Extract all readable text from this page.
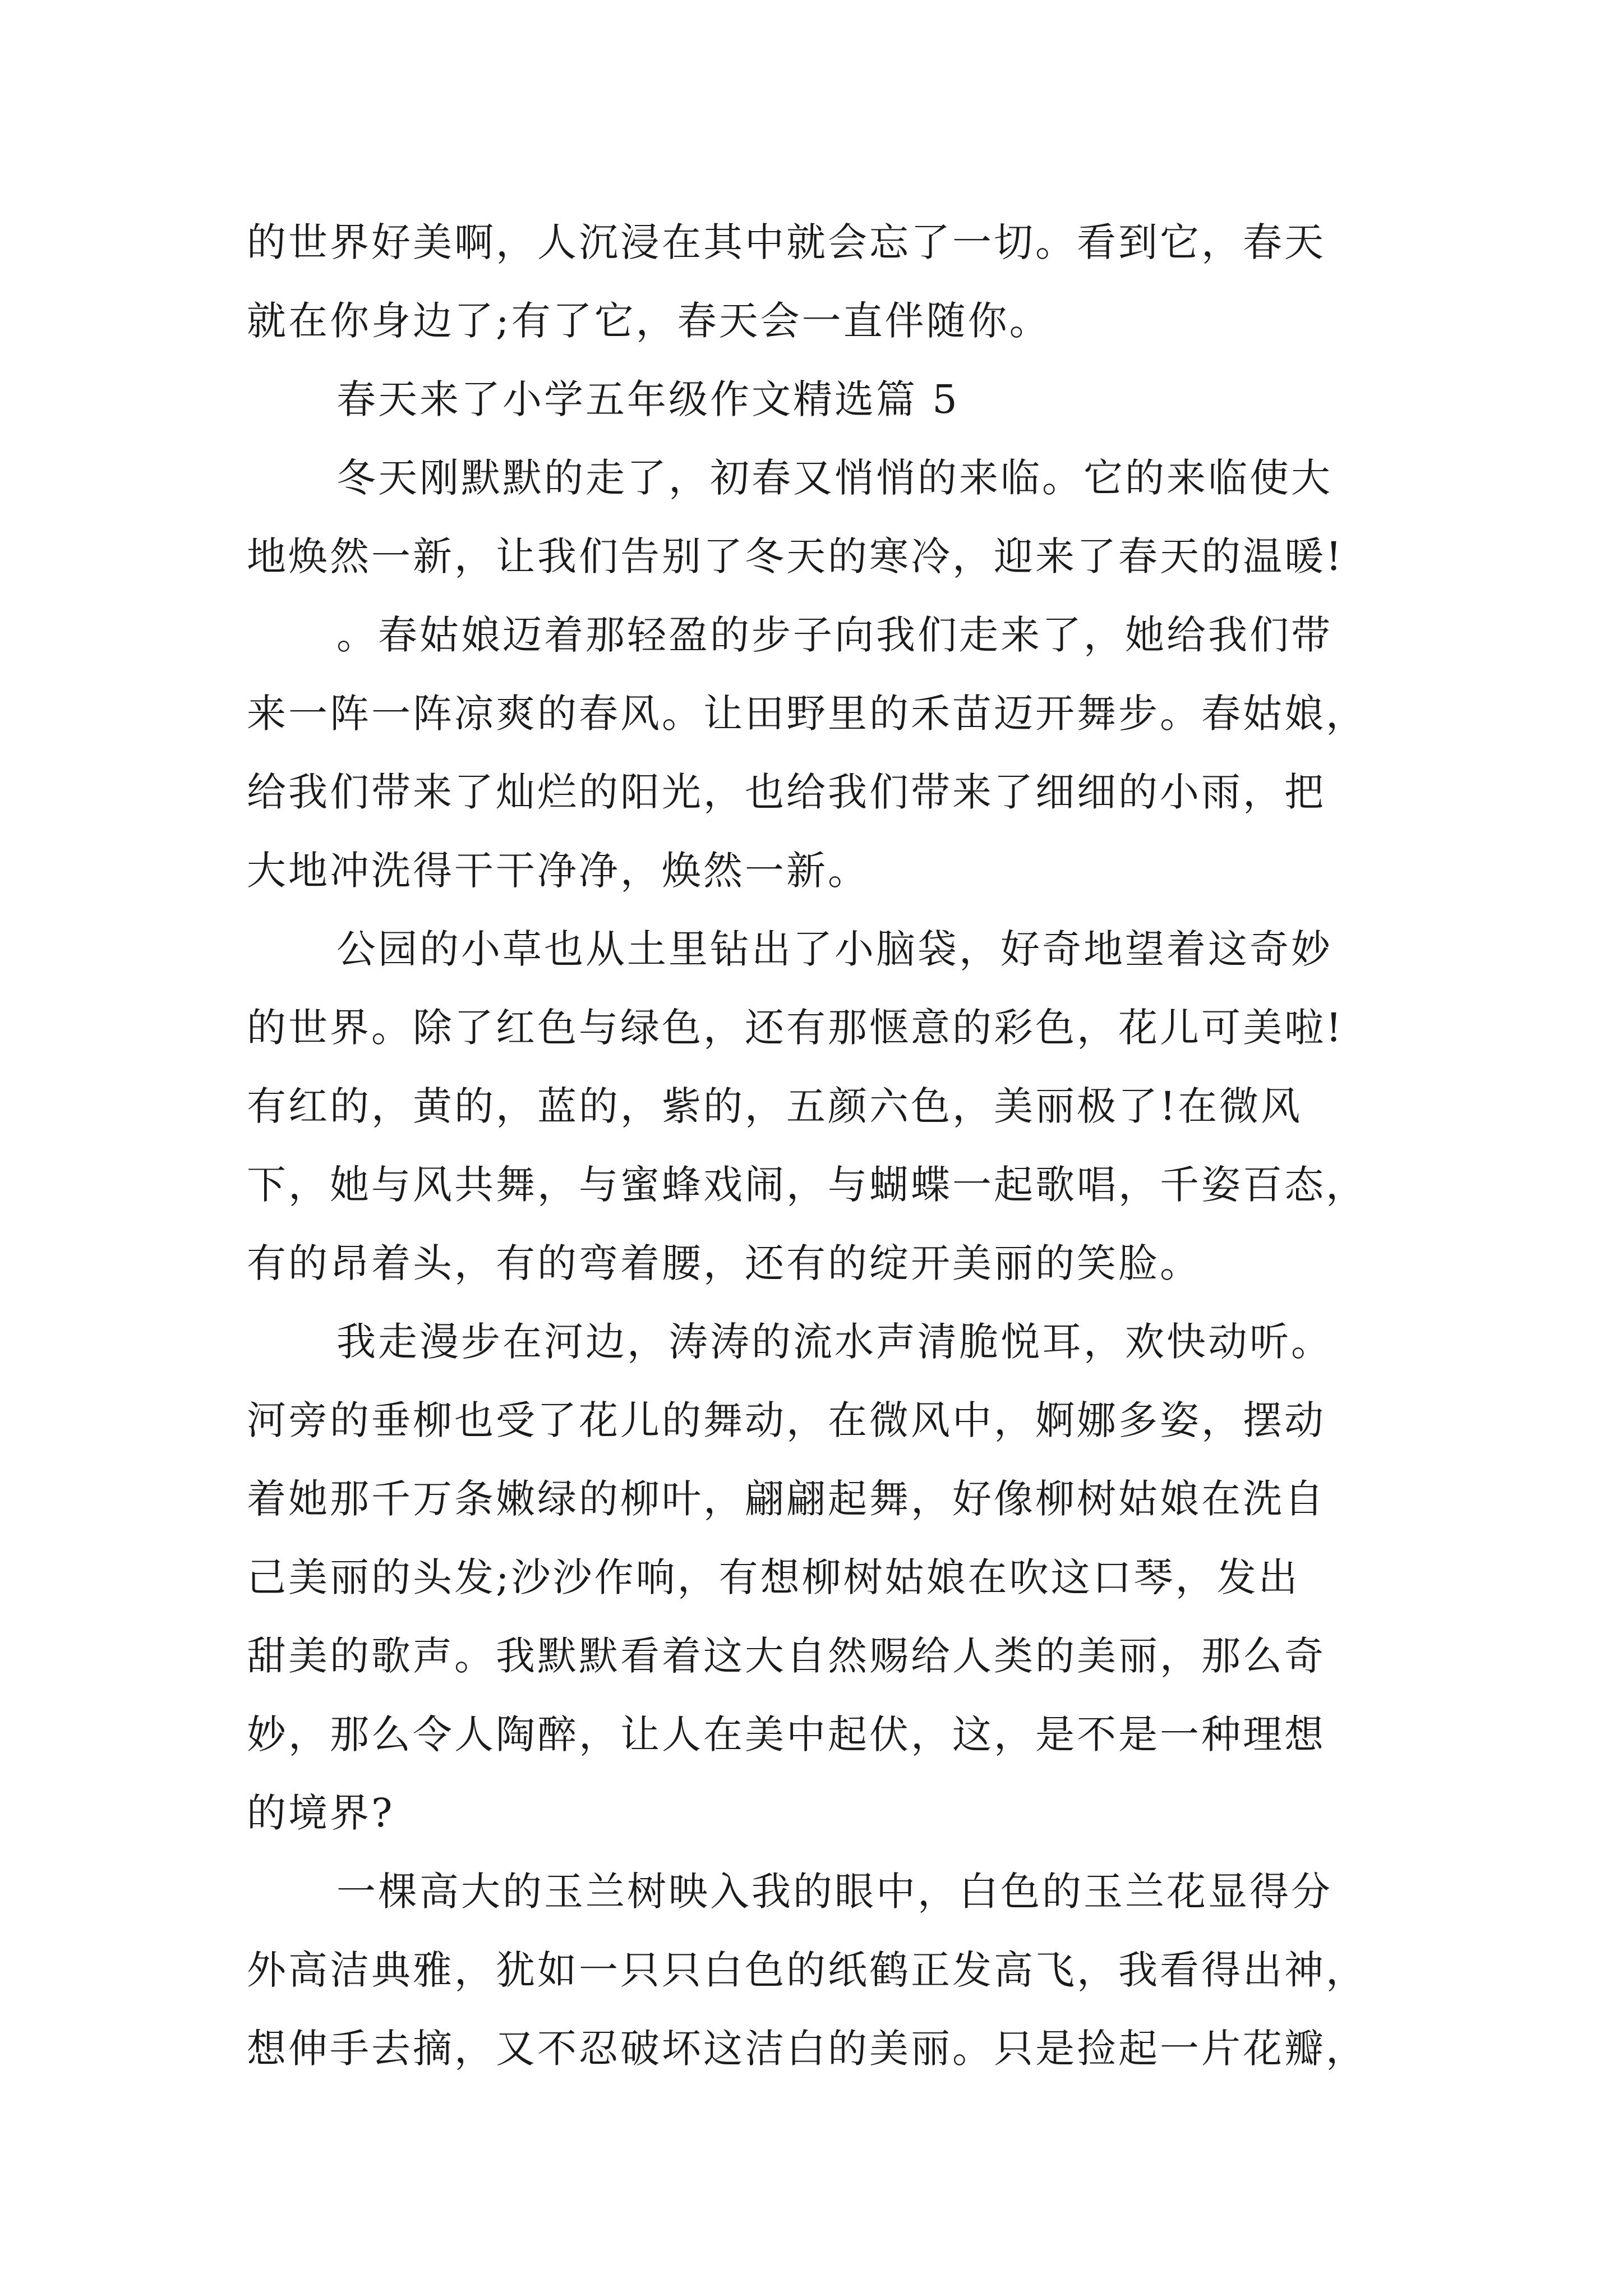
的世界好美啊，人沉浸在其中就会忘了一切。看到它，春天
就在你身边了;有了它，春天会一直伴随你。
春天来了小学五年级作文精选篇 5
冬天刚默默的走了，初春又悄悄的来临。它的来临使大
地焕然一新，让我们告别了冬天的寒冷，迎来了春天的温暖!
。春姑娘迈着那轻盈的步子向我们走来了，她给我们带
来一阵一阵凉爽的春风。让田野里的禾苗迈开舞步。春姑娘，
给我们带来了灿烂的阳光，也给我们带来了细细的小雨，把
大地冲洗得干干净净，焕然一新。
公园的小草也从土里钻出了小脑袋，好奇地望着这奇妙
的世界。除了红色与绿色，还有那惬意的彩色，花儿可美啦!
有红的，黄的，蓝的，紫的，五颜六色，美丽极了!在微风
下，她与风共舞，与蜜蜂戏闹，与蝴蝶一起歌唱，千姿百态，
有的昂着头，有的弯着腰，还有的绽开美丽的笑脸。
我走漫步在河边，涛涛的流水声清脆悦耳，欢快动听。
河旁的垂柳也受了花儿的舞动，在微风中，婀娜多姿，摆动
着她那千万条嫩绿的柳叶，翩翩起舞，好像柳树姑娘在洗自
己美丽的头发;沙沙作响，有想柳树姑娘在吹这口琴，发出
甜美的歌声。我默默看着这大自然赐给人类的美丽，那么奇
妙，那么令人陶醉，让人在美中起伏，这，是不是一种理想
的境界?
一棵高大的玉兰树映入我的眼中，白色的玉兰花显得分
外高洁典雅，犹如一只只白色的纸鹤正发高飞，我看得出神，
想伸手去摘，又不忍破坏这洁白的美丽。只是捡起一片花瓣，
